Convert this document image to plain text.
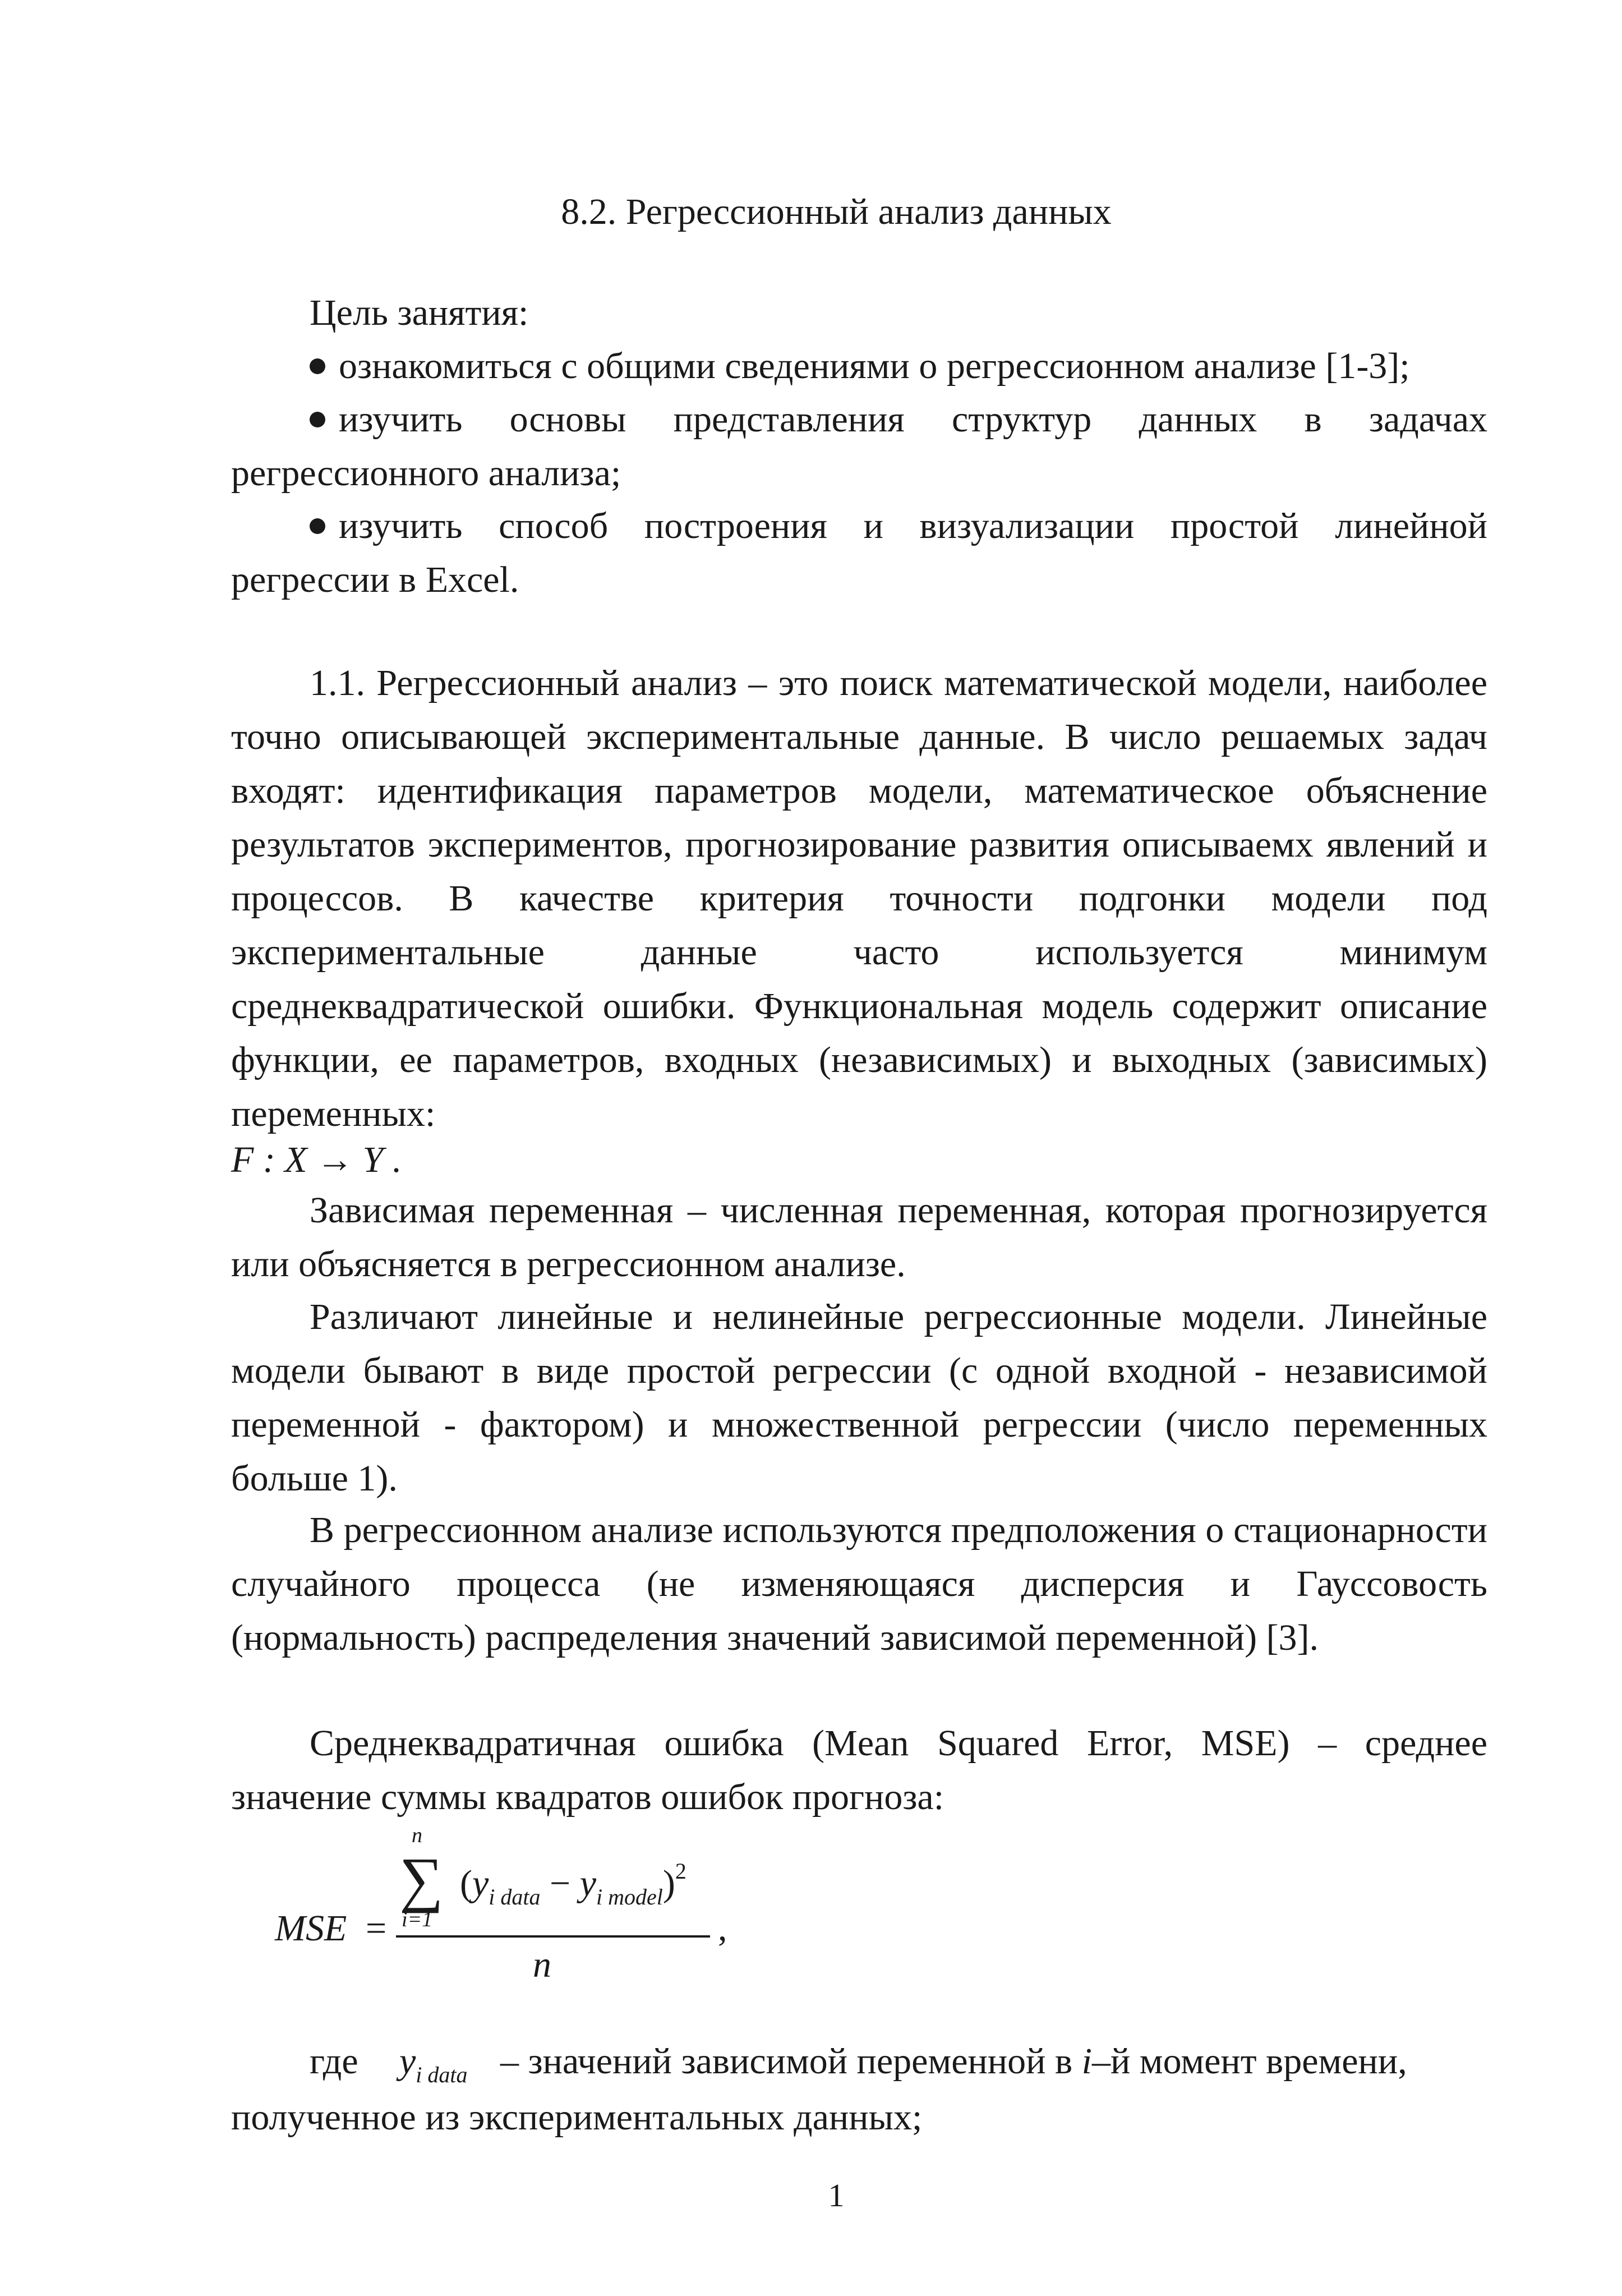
8.2. Регрессионный анализ данных

Цель занятия:

ознакомиться с общими сведениями о регрессионном анализе [1-3];

изучить основы представления структур данных в задачах регрессионного анализа;

изучить способ построения и визуализации простой линейной регрессии в Excel.

1.1. Регрессионный анализ – это поиск математической модели, наиболее точно описывающей экспериментальные данные. В число решаемых задач входят: идентификация параметров модели, математическое объяснение результатов экспериментов, прогнозирование развития описываемх явлений и процессов. В качестве критерия точности подгонки модели под экспериментальные данные часто используется минимум среднеквадратической ошибки. Функциональная модель содержит описание функции, ее параметров, входных (независимых) и выходных (зависимых) переменных:

F : X → Y .

Зависимая переменная – численная переменная, которая прогнозируется или объясняется в регрессионном анализе.

Различают линейные и нелинейные регрессионные модели. Линейные модели бывают в виде простой регрессии (с одной входной - независимой переменной - фактором) и множественной регрессии (число переменных больше 1).

В регрессионном анализе используются предположения о стационарности случайного процесса (не изменяющаяся дисперсия и Гауссовость (нормальность) распределения значений зависимой переменной) [3].

Среднеквадратичная ошибка (Mean Squared Error, MSE) – среднее значение суммы квадратов ошибок прогноза:

MSE =
n
∑
i=1
$(y_{i data} - y_{i model})^2$
n
,
где $y_{i data}$ – значений зависимой переменной в i–й момент времени,
полученное из экспериментальных данных;
1
